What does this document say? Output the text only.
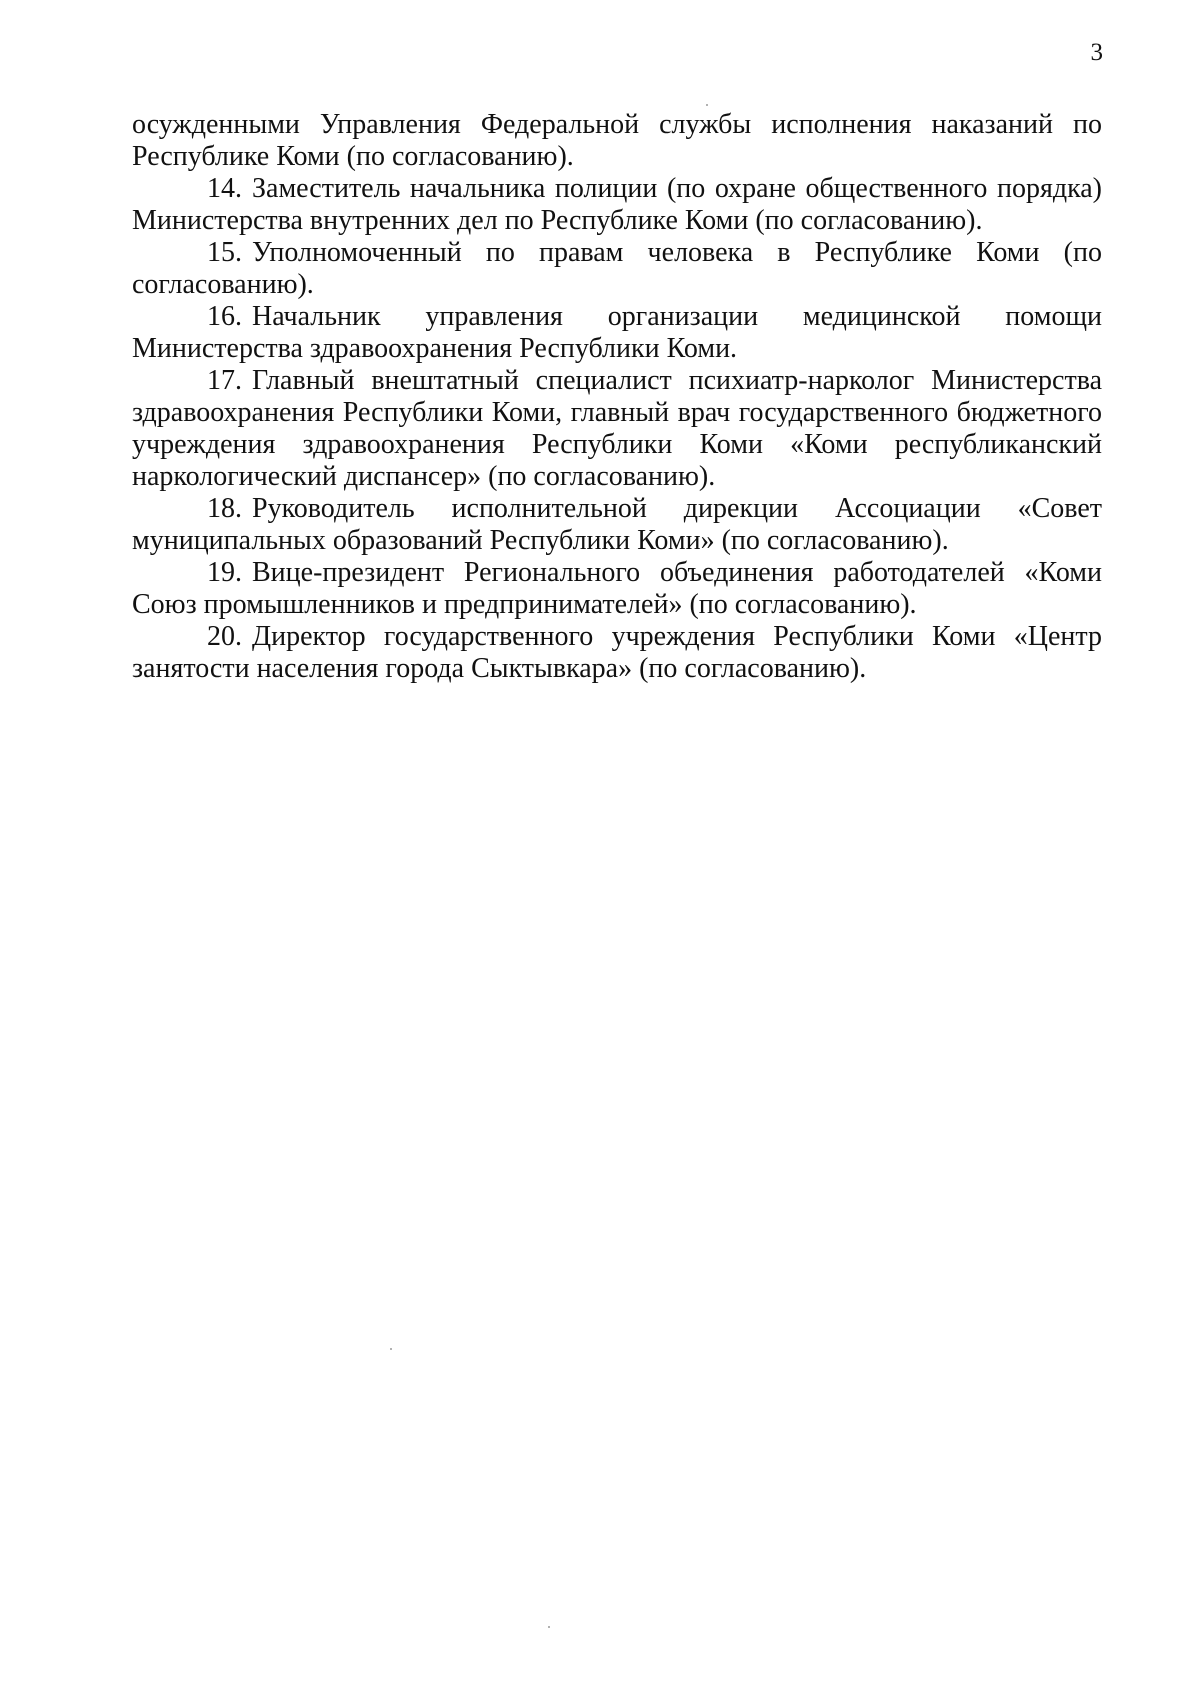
3

осужденными Управления Федеральной службы исполнения наказаний по Республике Коми (по согласованию).

14. Заместитель начальника полиции (по охране общественного порядка) Министерства внутренних дел по Республике Коми (по согласованию).

15. Уполномоченный по правам человека в Республике Коми (по согласованию).

16. Начальник управления организации медицинской помощи Министерства здравоохранения Республики Коми.

17. Главный внештатный специалист психиатр-нарколог Министерства здравоохранения Республики Коми, главный врач государственного бюджетного учреждения здравоохранения Республики Коми «Коми республиканский наркологический диспансер» (по согласованию).

18. Руководитель исполнительной дирекции Ассоциации «Совет муниципальных образований Республики Коми» (по согласованию).

19. Вице-президент Регионального объединения работодателей «Коми Союз промышленников и предпринимателей» (по согласованию).

20. Директор государственного учреждения Республики Коми «Центр занятости населения города Сыктывкара» (по согласованию).
